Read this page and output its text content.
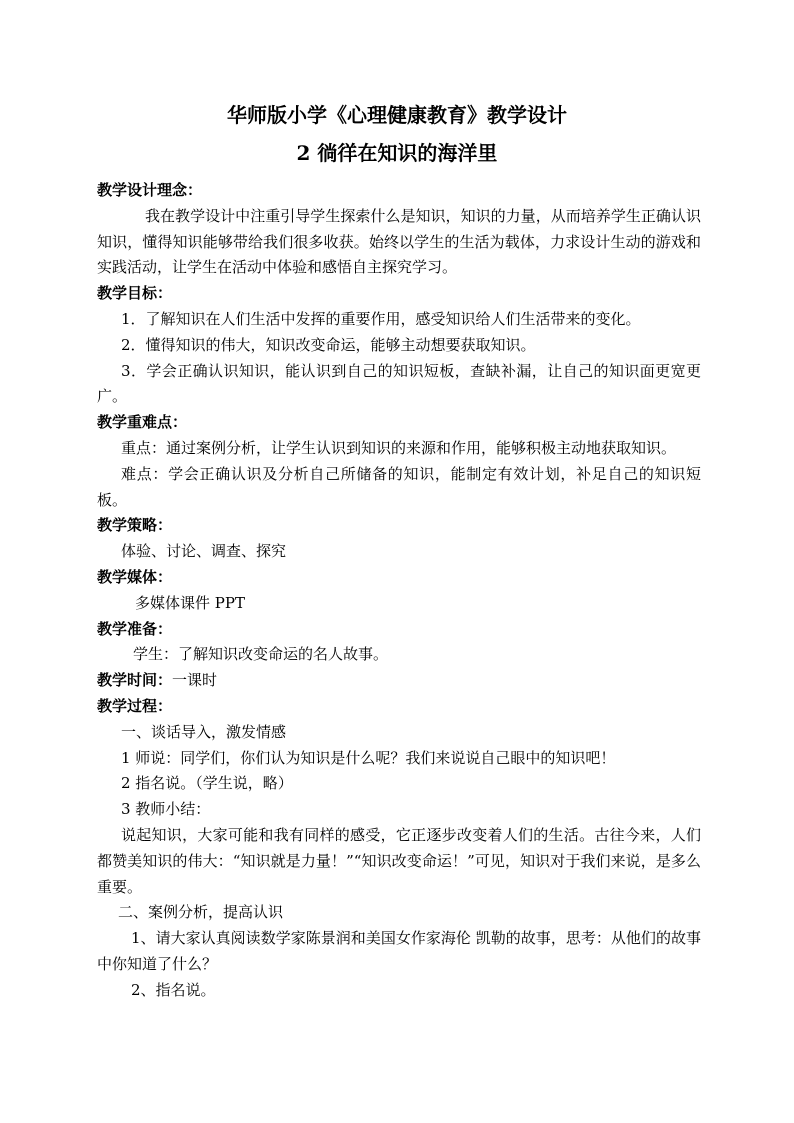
华师版小学《心理健康教育》教学设计
2 徜徉在知识的海洋里
教学设计理念：
我在教学设计中注重引导学生探索什么是知识，知识的力量，从而培养学生正确认识知识，懂得知识能够带给我们很多收获。始终以学生的生活为载体，力求设计生动的游戏和实践活动，让学生在活动中体验和感悟自主探究学习。
教学目标：
1．了解知识在人们生活中发挥的重要作用，感受知识给人们生活带来的变化。
2．懂得知识的伟大，知识改变命运，能够主动想要获取知识。
3．学会正确认识知识，能认识到自己的知识短板，查缺补漏，让自己的知识面更宽更广。
教学重难点：
重点：通过案例分析，让学生认识到知识的来源和作用，能够积极主动地获取知识。
难点：学会正确认识及分析自己所储备的知识，能制定有效计划，补足自己的知识短板。
教学策略：
体验、讨论、调查、探究
教学媒体：
多媒体课件 PPT
教学准备：
学生：了解知识改变命运的名人故事。
教学时间：一课时
教学过程：
一、谈话导入，激发情感
1 师说：同学们，你们认为知识是什么呢？我们来说说自己眼中的知识吧！
2 指名说。（学生说，略）
3 教师小结：
说起知识，大家可能和我有同样的感受，它正逐步改变着人们的生活。古往今来，人们都赞美知识的伟大：“知识就是力量！”“知识改变命运！”可见，知识对于我们来说，是多么重要。
二、案例分析，提高认识
1、请大家认真阅读数学家陈景润和美国女作家海伦 凯勒的故事，思考：从他们的故事中你知道了什么？
2、指名说。
